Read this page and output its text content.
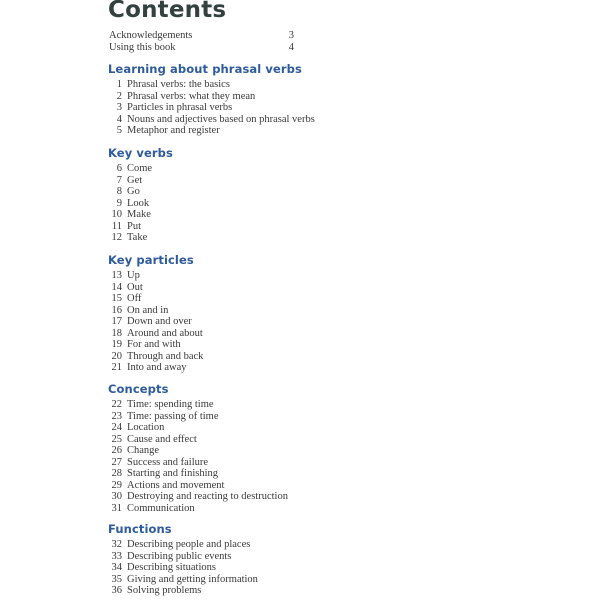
Contents
Acknowledgements	3
Using this book	4
Learning about phrasal verbs
1 Phrasal verbs: the basics
2 Phrasal verbs: what they mean
3 Particles in phrasal verbs
4 Nouns and adjectives based on phrasal verbs
5 Metaphor and register
Key verbs
6 Come
7 Get
8 Go
9 Look
10 Make
11 Put
12 Take
Key particles
13 Up
14 Out
15 Off
16 On and in
17 Down and over
18 Around and about
19 For and with
20 Through and back
21 Into and away
Concepts
22 Time: spending time
23 Time: passing of time
24 Location
25 Cause and effect
26 Change
27 Success and failure
28 Starting and finishing
29 Actions and movement
30 Destroying and reacting to destruction
31 Communication
Functions
32 Describing people and places
33 Describing public events
34 Describing situations
35 Giving and getting information
36 Solving problems
